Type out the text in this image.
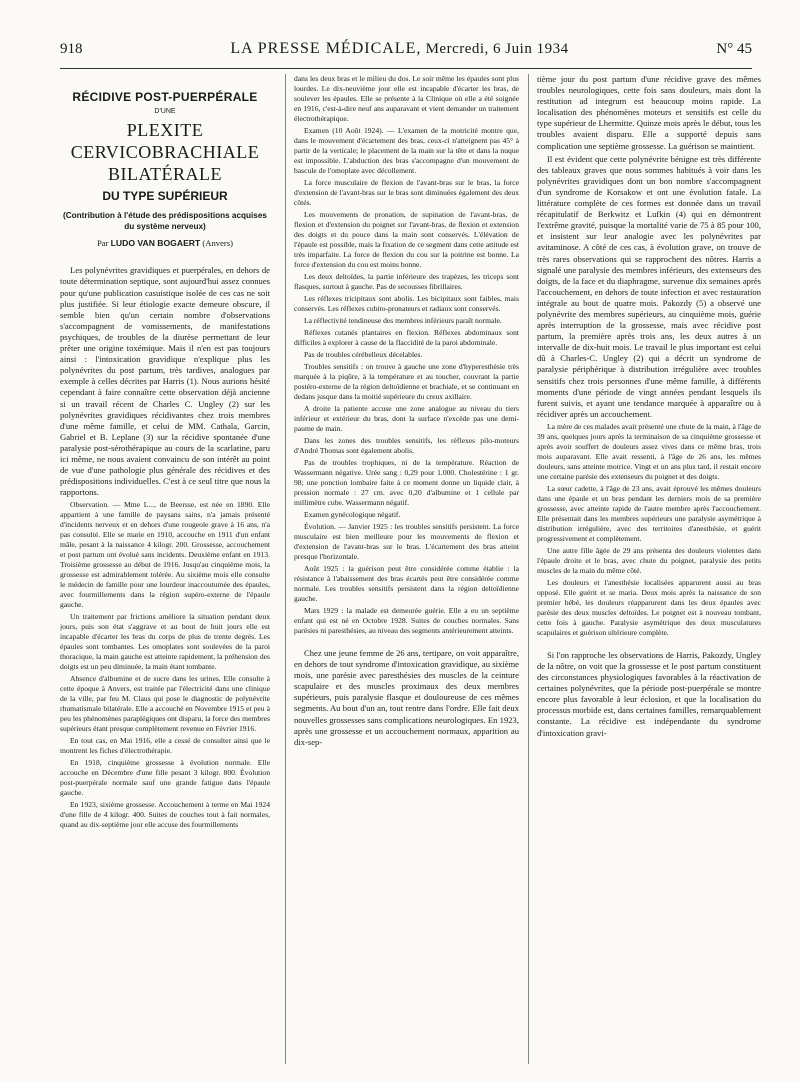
918	LA PRESSE MÉDICALE, Mercredi, 6 Juin 1934	N° 45
RÉCIDIVE POST-PUERPÉRALE
D'UNE
PLEXITE CERVICOBRACHIALE
BILATÉRALE
DU TYPE SUPÉRIEUR
(Contribution à l'étude des prédispositions acquises du système nerveux)
Par LUDO VAN BOGAERT (Anvers)

Les polynévrites gravidiques et puerpérales, en dehors de toute détermination septique, sont aujourd'hui assez connues pour qu'une publication casuistique isolée de ces cas ne soit plus justifiée. Si leur étiologie exacte demeure obscure, il semble bien qu'un certain nombre d'observations s'accompagnent de vomissements, de manifestations psychiques, de troubles de la diurèse permettant de leur prêter une origine toxémique. Mais il n'en est pas toujours ainsi : l'intoxication gravidique n'explique plus les polynévrites du post partum, très tardives, analogues par exemple à celles décrites par Harris (1). Nous aurions hésité cependant à faire connaître cette observation déjà ancienne si un travail récent de Charles C. Ungley (2) sur les polynévrites gravidiques récidivantes chez trois membres d'une même famille, et celui de MM. Cathala, Garcin, Gabriel et B. Leplane (3) sur la récidive spontanée d'une paralysie post-sérothérapique au cours de la scarlatine, paru ici même, ne nous avaient convaincu de son intérêt au point de vue d'une pathologie plus générale des récidives et des prédispositions individuelles. C'est à ce seul titre que nous la rapportons.

Observation. — Mme L..., de Beersse, est née en 1890. Elle appartient à une famille de paysans sains, n'a jamais présenté d'incidents nerveux et en dehors d'une rougeole grave à 16 ans, n'a pas consulté. Elle se marie en 1910, accouche en 1911 d'un enfant mâle, pesant à la naissance 4 kilogr. 200. Grossesse, accouchement et post partum ont évolué sans incidents. Deuxième enfant en 1913. Troisième grossesse au début de 1916. Jusqu'au cinquième mois, la grossesse est admirablement tolérée. Au sixième mois elle consulte le médecin de famille pour une lourdeur inaccoutumée des épaules, avec fourmillements dans la région supéro-externe de l'épaule gauche.

Un traitement par frictions améliore la situation pendant deux jours, puis son état s'aggrave et au bout de huit jours elle est incapable d'écarter les bras du corps de plus de trente degrés. Les épaules sont tombantes. Les omoplates sont soulevées de la paroi thoracique, la main gauche est atteinte rapidement, la préhension des doigts est un peu diminuée, la main étant tombante.

Absence d'albumine et de sucre dans les urines. Elle consulte à cette époque à Anvers, est traitée par l'électricité dans une clinique de la ville, par feu M. Claus qui pose le diagnostic de polynévrite rhumatismale bilatérale. Elle a accouché en Novembre 1915 et peu à peu les phénomènes paraplégiques ont disparu, la force des membres supérieurs étant presque complètement revenue en Février 1916.

En tout cas, en Mai 1916, elle a cessé de consulter ainsi que le montrent les fiches d'électrothérapie.

En 1918, cinquième grossesse à évolution normale. Elle accouche en Décembre d'une fille pesant 3 kilogr. 800. Évolution post-puerpérale normale sauf une grande fatigue dans l'épaule gauche.

En 1923, sixième grossesse. Accouchement à terme en Mai 1924 d'une fille de 4 kilogr. 400. Suites de couches tout à fait normales, quand au dix-septième jour elle accuse des fourmillements

dans les deux bras et le milieu du dos. Le soir même les épaules sont plus lourdes. Le dix-neuvième jour elle est incapable d'écarter les bras, de soulever les épaules. Elle se présente à la Clinique où elle a été soignée en 1916, c'est-à-dire neuf ans auparavant et vient demander un traitement électrothérapique.

Examen (10 Août 1924). — L'examen de la motricité montre que, dans le mouvement d'écartement des bras, ceux-ci n'atteignent pas 45° à partir de la verticale; le placement de la main sur la tête et dans la nuque est impossible. L'abduction des bras s'accompagne d'un mouvement de bascule de l'omoplate avec décollement.

La force musculaire de flexion de l'avant-bras sur le bras, la force d'extension de l'avant-bras sur le bras sont diminuées également des deux côtés.

Les mouvements de pronation, de supination de l'avant-bras, de flexion et d'extension du poignet sur l'avant-bras, de flexion et extension des doigts et du pouce dans la main sont conservés. L'élévation de l'épaule est possible, mais la fixation de ce segment dans cette attitude est très imparfaite. La force de flexion du cou sur la poitrine est bonne. La force d'extension du cou est moins bonne.

Les deux deltoïdes, la partie inférieure des trapèzes, les triceps sont flasques, surtout à gauche. Pas de secousses fibrillaires.

Les réflexes tricipitaux sont abolis. Les bicipitaux sont faibles, mais conservés. Les réflexes cubito-pronateurs et radiaux sont conservés.

La réflectivité tendineuse des membres inférieurs paraît normale.

Réflexes cutanés plantaires en flexion. Réflexes abdominaux sont difficiles à explorer à cause de la flaccidité de la paroi abdominale.

Pas de troubles cérébelleux décelables.

Troubles sensitifs : on trouve à gauche une zone d'hyperesthésie très marquée à la piqûre, à la température et au toucher, couvrant la partie postéro-externe de la région deltoïdienne et brachiale, et se continuant en dedans jusque dans la moitié supérieure du creux axillaire.

A droite la patiente accuse une zone analogue au niveau du tiers inférieur et extérieur du bras, dont la surface n'excède pas une demi-paume de main.

Dans les zones des troubles sensitifs, les réflexes pilo-moteurs d'André Thomas sont également abolis.

Pas de troubles trophiques, ni de la température. Réaction de Wassermann négative. Urée sang : 0,29 pour 1.000. Cholestérine : 1 gr. 98; une ponction lombaire faite à ce moment donne un liquide clair, à pression normale : 27 cm. avec 0,20 d'albumine et 1 cellule par millimètre cube. Wassermann négatif.

Examen gynécologique négatif.

Évolution. — Janvier 1925 : les troubles sensitifs persistent. La force musculaire est bien meilleure pour les mouvements de flexion et d'extension de l'avant-bras sur le bras. L'écartement des bras atteint presque l'horizontale.

Août 1925 : la guérison peut être considérée comme établie : la résistance à l'abaissement des bras écartés peut être considérée comme normale. Les troubles sensitifs persistent dans la région deltoïdienne gauche.

Mars 1929 : la malade est demeurée guérie. Elle a eu un septième enfant qui est né en Octobre 1928. Suites de couches normales. Sans parésies ni paresthésies, au niveau des segments antérieurement atteints.

Chez une jeune femme de 26 ans, tertipare, on voit apparaître, en dehors de tout syndrome d'intoxication gravidique, au sixième mois, une parésie avec paresthésies des muscles de la ceinture scapulaire et des muscles proximaux des deux membres supérieurs, puis paralysie flasque et douloureuse de ces mêmes segments. Au bout d'un an, tout rentre dans l'ordre. Elle fait deux nouvelles grossesses sans complications neurologiques. En 1923, après une grossesse et un accouchement normaux, apparition au dix-sep-

tième jour du post partum d'une récidive grave des mêmes troubles neurologiques, cette fois sans douleurs, mais dont la restitution ad integrum est beaucoup moins rapide. La localisation des phénomènes moteurs et sensitifs est celle du type supérieur de Lhermitte. Quinze mois après le début, tous les troubles avaient disparu. Elle a supporté depuis sans complication une septième grossesse. La guérison se maintient.

Il est évident que cette polynévrite bénigne est très différente des tableaux graves que nous sommes habitués à voir dans les polynévrites gravidiques dont un bon nombre s'accompagnent d'un syndrome de Korsakow et ont une évolution fatale. La littérature complète de ces formes est donnée dans un travail récapitulatif de Berkwitz et Lufkin (4) qui en démontrent l'extrême gravité, puisque la mortalité varie de 75 à 85 pour 100, et insistent sur leur analogie avec les polynévrites par avitaminose. A côté de ces cas, à évolution grave, on trouve de très rares observations qui se rapprochent des nôtres. Harris a signalé une paralysie des membres inférieurs, des extenseurs des doigts, de la face et du diaphragme, survenue dix semaines après l'accouchement, en dehors de toute infection et avec restauration intégrale au bout de quatre mois. Pakozdy (5) a observé une polynévrite des membres supérieurs, au cinquième mois, guérie après interruption de la grossesse, mais avec récidive post partum, la première après trois ans, les deux autres à un intervalle de dix-huit mois. Le travail le plus important est celui dû à Charles-C. Ungley (2) qui a décrit un syndrome de paralysie périphérique à distribution irrégulière avec troubles sensitifs chez trois personnes d'une même famille, à différents moments d'une période de vingt années pendant lesquels ils furent suivis, et ayant une tendance marquée à apparaître ou à récidiver après un accouchement.

La mère de ces malades avait présenté une chute de la main, à l'âge de 39 ans, quelques jours après la terminaison de sa cinquième grossesse et après avoir souffert de douleurs assez vives dans ce même bras, trois mois auparavant. Elle avait ressenti, à l'âge de 26 ans, les mêmes douleurs, sans atteinte motrice. Vingt et un ans plus tard, il restait encore une certaine parésie des extenseurs du poignet et des doigts.

La sœur cadette, à l'âge de 23 ans, avait éprouvé les mêmes douleurs dans une épaule et un bras pendant les derniers mois de sa première grossesse, avec atteinte rapide de l'autre membre après l'accouchement. Elle présentait dans les membres supérieurs une paralysie asymétrique à distribution irrégulière, avec des territoires d'anesthésie, et guérit progressivement et complètement.

Une autre fille âgée de 29 ans présenta des douleurs violentes dans l'épaule droite et le bras, avec chute du poignet, paralysie des petits muscles de la main du même côté.

Les douleurs et l'anesthésie localisées apparurent aussi au bras opposé. Elle guérit et se maria. Deux mois après la naissance de son premier bébé, les douleurs réapparurent dans les deux épaules avec parésie des deux muscles deltoïdes. Le poignet est à nouveau tombant, cette fois à gauche. Paralysie asymétrique des deux musculatures scapulaires et guérison ultérieure complète.

Si l'on rapproche les observations de Harris, Pakozdy, Ungley de la nôtre, on voit que la grossesse et le post partum constituent des circonstances physiologiques favorables à la réactivation de certaines polynévrites, que la période post-puerpérale se montre encore plus favorable à leur éclosion, et que la localisation du processus morbide est, dans certaines familles, remarquablement constante. La récidive est indépendante du syndrome d'intoxication gravi-
